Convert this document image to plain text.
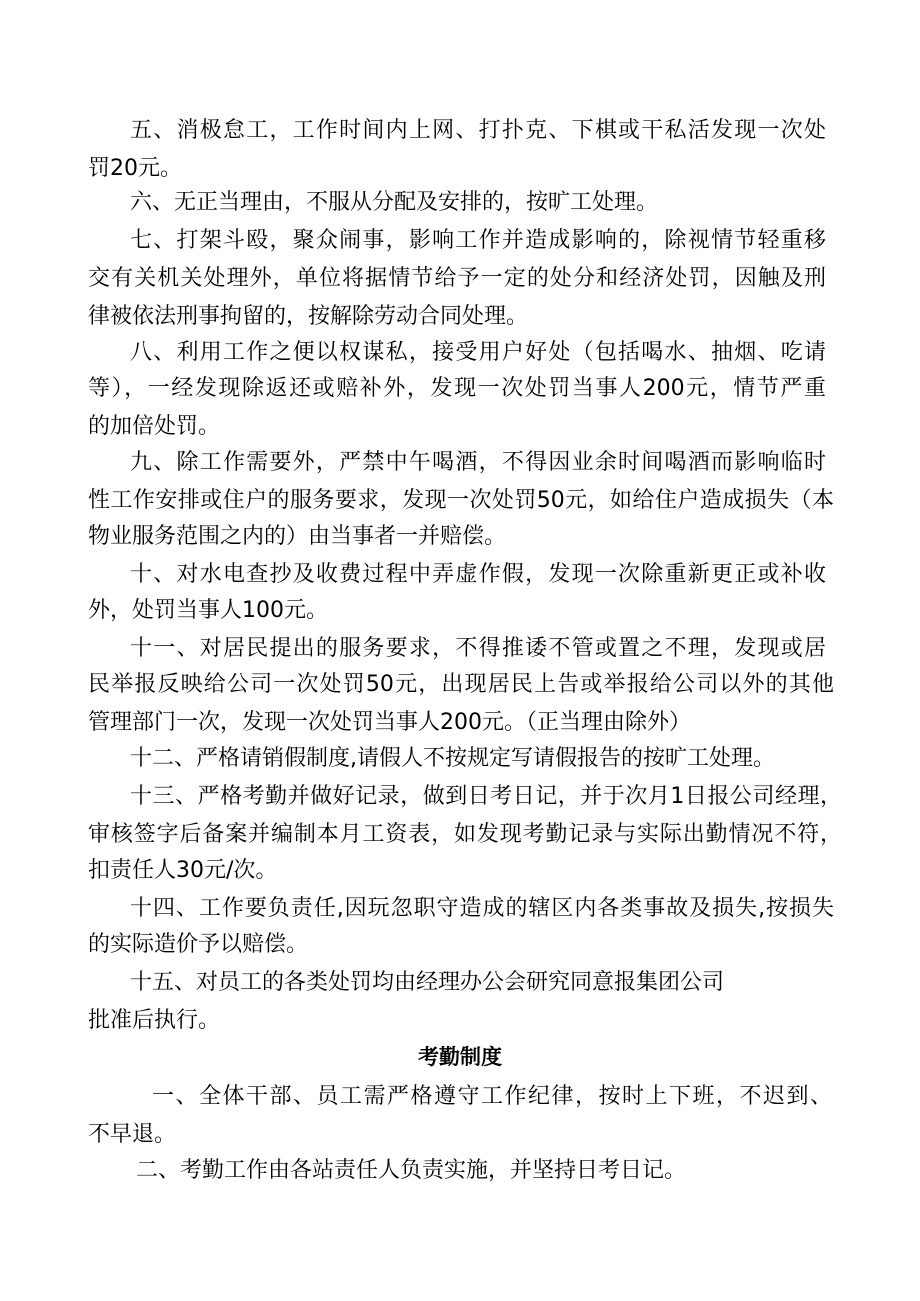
五、消极怠工，工作时间内上网、打扑克、下棋或干私活发现一次处
罚20元。
六、无正当理由，不服从分配及安排的，按旷工处理。
七、打架斗殴，聚众闹事，影响工作并造成影响的，除视情节轻重移
交有关机关处理外，单位将据情节给予一定的处分和经济处罚，因触及刑
律被依法刑事拘留的，按解除劳动合同处理。
八、利用工作之便以权谋私，接受用户好处（包括喝水、抽烟、吃请
等），一经发现除返还或赔补外，发现一次处罚当事人200元，情节严重
的加倍处罚。
九、除工作需要外，严禁中午喝酒，不得因业余时间喝酒而影响临时
性工作安排或住户的服务要求，发现一次处罚50元，如给住户造成损失（本
物业服务范围之内的）由当事者一并赔偿。
十、对水电查抄及收费过程中弄虚作假，发现一次除重新更正或补收
外，处罚当事人100元。
十一、对居民提出的服务要求，不得推诿不管或置之不理，发现或居
民举报反映给公司一次处罚50元，出现居民上告或举报给公司以外的其他
管理部门一次，发现一次处罚当事人200元。（正当理由除外）
十二、严格请销假制度,请假人不按规定写请假报告的按旷工处理。
十三、严格考勤并做好记录，做到日考日记，并于次月1日报公司经理，
审核签字后备案并编制本月工资表，如发现考勤记录与实际出勤情况不符，
扣责任人30元/次。
十四、工作要负责任,因玩忽职守造成的辖区内各类事故及损失,按损失
的实际造价予以赔偿。
十五、对员工的各类处罚均由经理办公会研究同意报集团公司
批准后执行。
考勤制度
一、全体干部、员工需严格遵守工作纪律，按时上下班，不迟到、
不早退。
二、考勤工作由各站责任人负责实施，并坚持日考日记。
